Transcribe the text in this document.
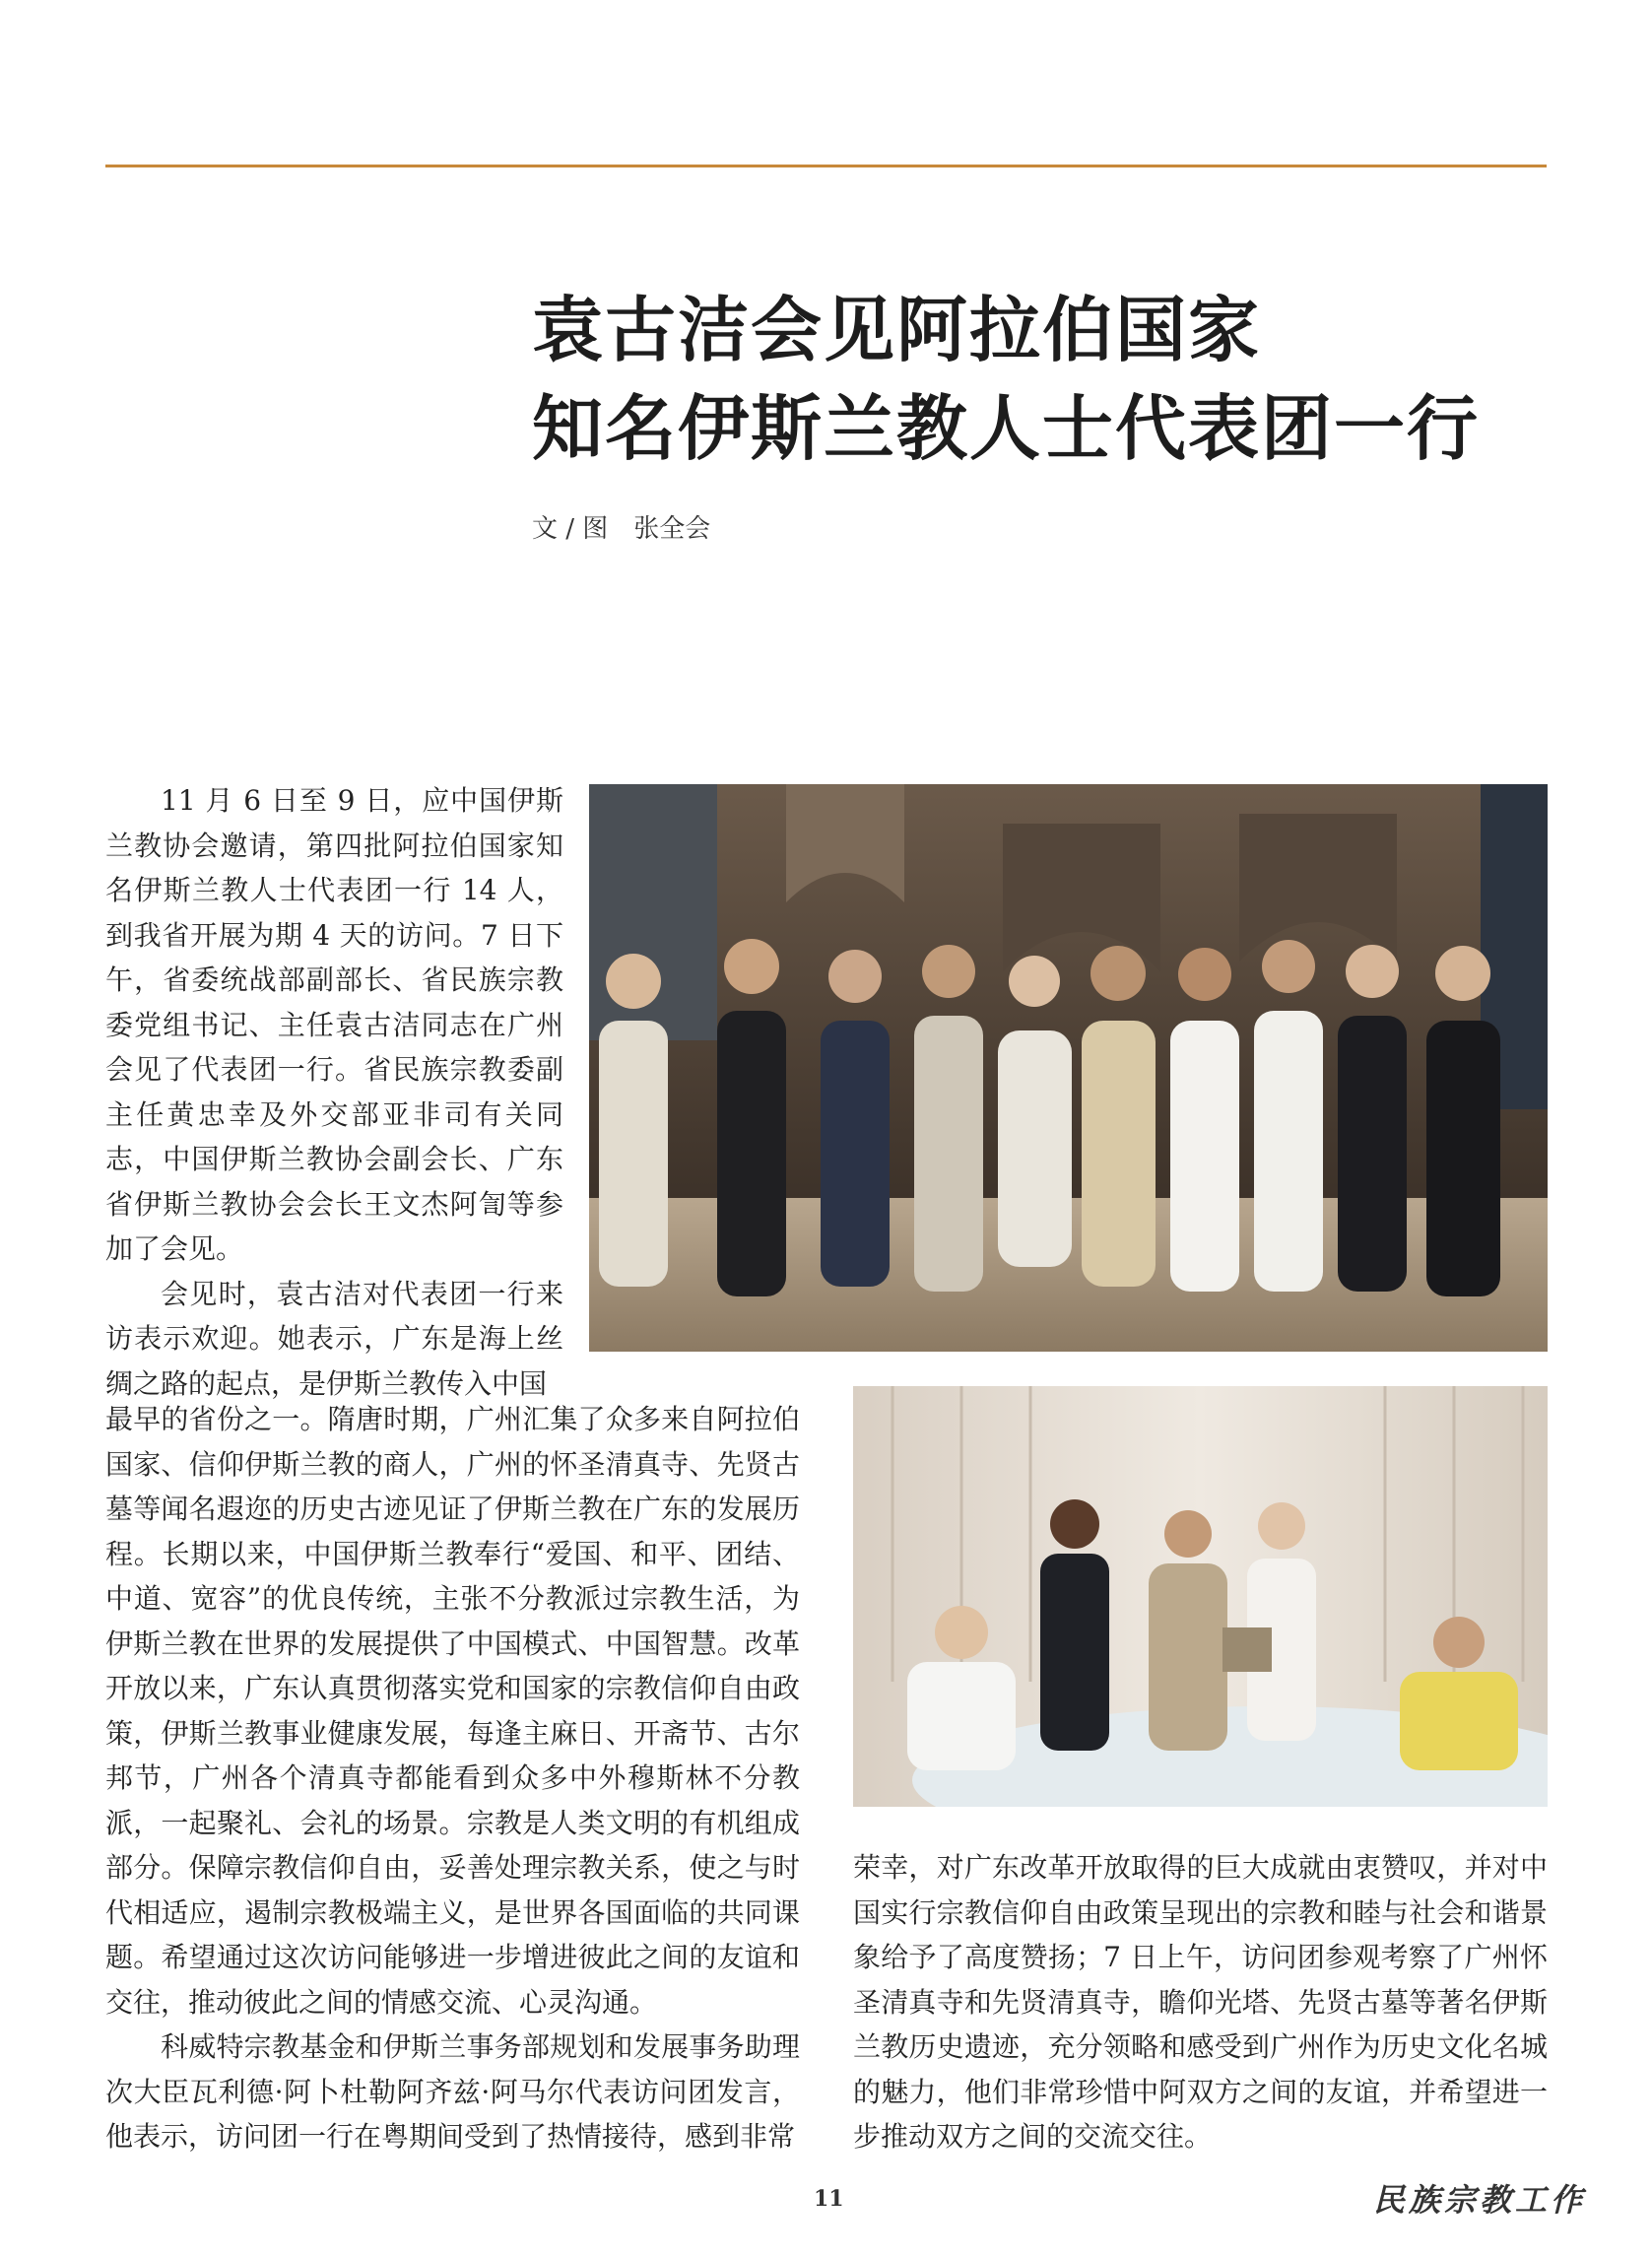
袁古洁会见阿拉伯国家
知名伊斯兰教人士代表团一行
文 / 图 张全会

11 月 6 日至 9 日，应中国伊斯兰教协会邀请，第四批阿拉伯国家知名伊斯兰教人士代表团一行 14 人，到我省开展为期 4 天的访问。7 日下午，省委统战部副部长、省民族宗教委党组书记、主任袁古洁同志在广州会见了代表团一行。省民族宗教委副主任黄忠幸及外交部亚非司有关同志，中国伊斯兰教协会副会长、广东省伊斯兰教协会会长王文杰阿訇等参加了会见。

会见时，袁古洁对代表团一行来访表示欢迎。她表示，广东是海上丝绸之路的起点，是伊斯兰教传入中国

最早的省份之一。隋唐时期，广州汇集了众多来自阿拉伯国家、信仰伊斯兰教的商人，广州的怀圣清真寺、先贤古墓等闻名遐迩的历史古迹见证了伊斯兰教在广东的发展历程。长期以来，中国伊斯兰教奉行“爱国、和平、团结、中道、宽容”的优良传统，主张不分教派过宗教生活，为伊斯兰教在世界的发展提供了中国模式、中国智慧。改革开放以来，广东认真贯彻落实党和国家的宗教信仰自由政策，伊斯兰教事业健康发展，每逢主麻日、开斋节、古尔邦节，广州各个清真寺都能看到众多中外穆斯林不分教派，一起聚礼、会礼的场景。宗教是人类文明的有机组成部分。保障宗教信仰自由，妥善处理宗教关系，使之与时代相适应，遏制宗教极端主义，是世界各国面临的共同课题。希望通过这次访问能够进一步增进彼此之间的友谊和交往，推动彼此之间的情感交流、心灵沟通。

科威特宗教基金和伊斯兰事务部规划和发展事务助理次大臣瓦利德·阿卜杜勒阿齐兹·阿马尔代表访问团发言，他表示，访问团一行在粤期间受到了热情接待，感到非常

荣幸，对广东改革开放取得的巨大成就由衷赞叹，并对中国实行宗教信仰自由政策呈现出的宗教和睦与社会和谐景象给予了高度赞扬；7 日上午，访问团参观考察了广州怀圣清真寺和先贤清真寺，瞻仰光塔、先贤古墓等著名伊斯兰教历史遗迹，充分领略和感受到广州作为历史文化名城的魅力，他们非常珍惜中阿双方之间的友谊，并希望进一步推动双方之间的交流交往。

11	民族宗教工作
